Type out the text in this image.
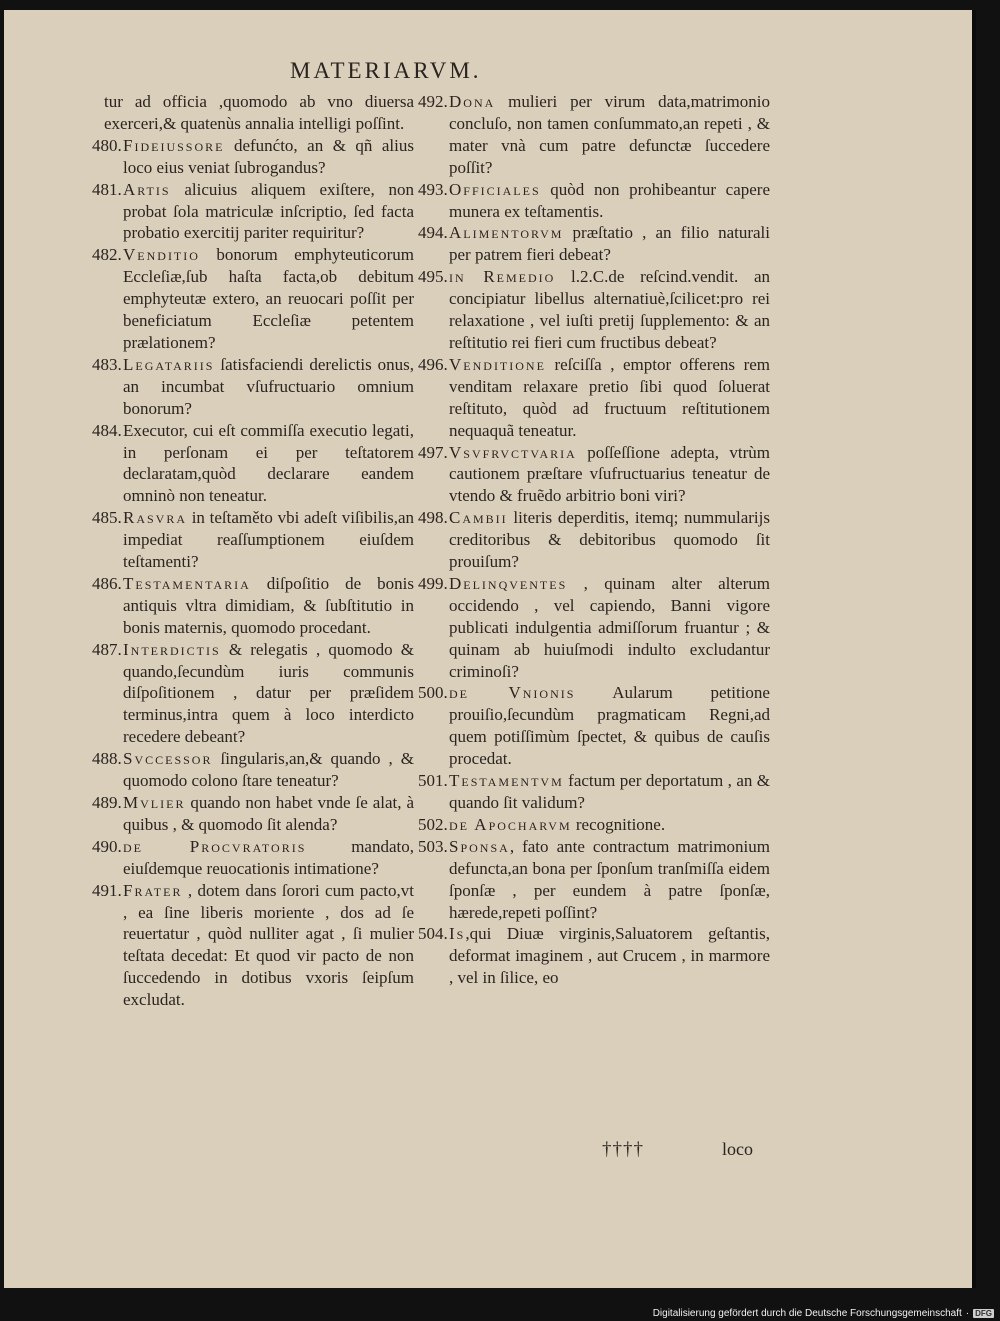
MATERIARVM.

tur ad officia ,quomodo ab vno diuersa exerceri,& quatenùs annalia intelligi poſſint.

480.Fideiussore defunćto, an & qñ alius loco eius veniat ſubrogandus?

481.Artis alicuius aliquem exiſtere, non probat ſola matriculæ inſcriptio, ſed facta probatio exercitij pariter requiritur?

482.Venditio bonorum emphyteuticorum Eccleſiæ,ſub haſta facta,ob debitum emphyteutæ extero, an reuocari poſſit per beneficiatum Eccleſiæ petentem prælationem?

483.Legatariis ſatisfaciendi derelictis onus, an incumbat vſufructuario omnium bonorum?

484.Executor, cui eſt commiſſa executio legati, in perſonam ei per teſtatorem declaratam,quòd declarare eandem omninò non teneatur.

485.Rasvra in teſtaměto vbi adeſt viſibilis,an impediat reaſſumptionem eiuſdem teſtamenti?

486.Testamentaria diſpoſitio de bonis antiquis vltra dimidiam, & ſubſtitutio in bonis maternis, quomodo procedant.

487.Interdictis & relegatis , quomodo & quando,ſecundùm iuris communis diſpoſitionem , datur per præſidem terminus,intra quem à loco interdicto recedere debeant?

488.Svccessor ſingularis,an,& quando , & quomodo colono ſtare teneatur?

489.Mvlier quando non habet vnde ſe alat, à quibus , & quomodo ſit alenda?

490.de Procvratoris mandato, eiuſdemque reuocationis intimatione?

491.Frater , dotem dans ſorori cum pacto,vt , ea ſine liberis moriente , dos ad ſe reuertatur , quòd nulliter agat , ſi mulier teſtata decedat: Et quod vir pacto de non ſuccedendo in dotibus vxoris ſeipſum excludat.

492.Dona mulieri per virum data,matrimonio concluſo, non tamen conſummato,an repeti , & mater vnà cum patre defunctæ ſuccedere poſſit?

493.Officiales quòd non prohibeantur capere munera ex teſtamentis.

494.Alimentorvm præſtatio , an filio naturali per patrem fieri debeat?

495.in Remedio l.2.C.de reſcind.vendit. an concipiatur libellus alternatiuè,ſcilicet:pro rei relaxatione , vel iuſti pretij ſupplemento: & an reſtitutio rei fieri cum fructibus debeat?

496.Venditione reſciſſa , emptor offerens rem venditam relaxare pretio ſibi quod ſoluerat reſtituto, quòd ad fructuum reſtitutionem nequaquã teneatur.

497.Vsvfrvctvaria poſſeſſione adepta, vtrùm cautionem præſtare vſufructuarius teneatur de vtendo & fruẽdo arbitrio boni viri?

498.Cambii literis deperditis, itemq; nummularijs creditoribus & debitoribus quomodo ſit prouiſum?

499.Delinqventes , quinam alter alterum occidendo , vel capiendo, Banni vigore publicati indulgentia admiſſorum fruantur ; & quinam ab huiuſmodi indulto excludantur criminoſi?

500.de Vnionis Aularum petitione prouiſio,ſecundùm pragmaticam Regni,ad quem potiſſimùm ſpectet, & quibus de cauſis procedat.

501.Testamentvm factum per deportatum , an & quando ſit validum?

502.de Apocharvm recognitione.

503.Sponsa, fato ante contractum matrimonium defuncta,an bona per ſponſum tranſmiſſa eidem ſponſæ , per eundem à patre ſponſæ, hærede,repeti poſſint?

504.Is,qui Diuæ virginis,Saluatorem geſtantis, deformat imaginem , aut Crucem , in marmore , vel in ſilice, eo

††††	loco
Digitalisierung gefördert durch die Deutsche Forschungsgemeinschaft · DFG
